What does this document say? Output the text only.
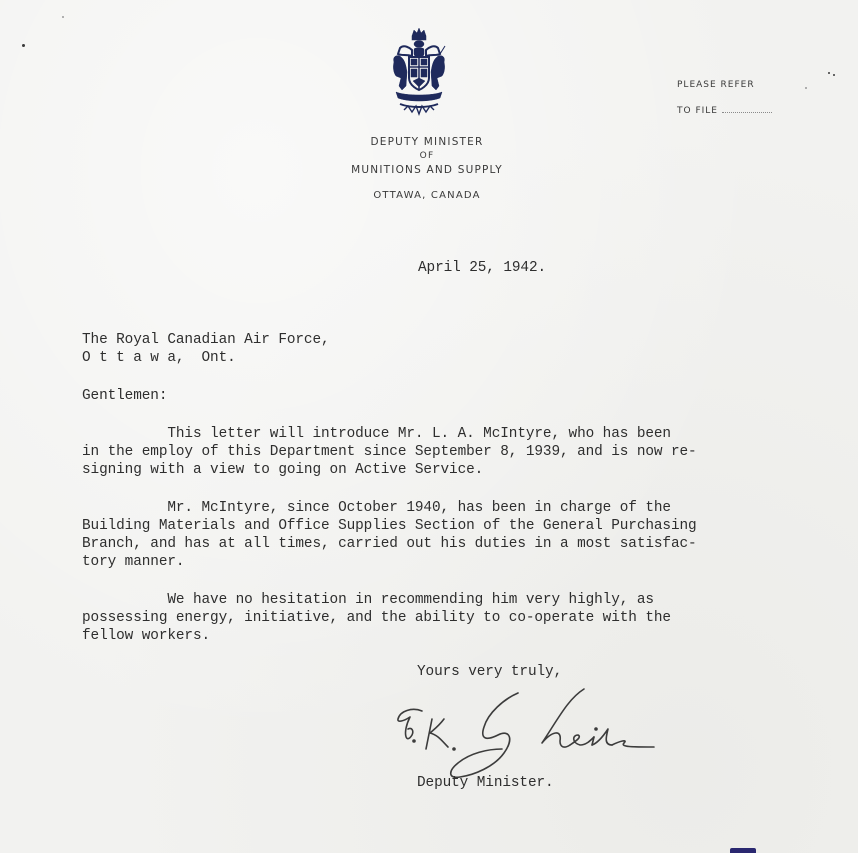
DEPUTY MINISTER
OF
MUNITIONS AND SUPPLY
OTTAWA, CANADA
PLEASE REFER
TO FILE
April 25, 1942.
The Royal Canadian Air Force,
O t t a w a,  Ont.
Gentlemen:
This letter will introduce Mr. L. A. McIntyre, who has been
in the employ of this Department since September 8, 1939, and is now re-
signing with a view to going on Active Service.
Mr. McIntyre, since October 1940, has been in charge of the
Building Materials and Office Supplies Section of the General Purchasing
Branch, and has at all times, carried out his duties in a most satisfac-
tory manner.
We have no hesitation in recommending him very highly, as
possessing energy, initiative, and the ability to co-operate with the
fellow workers.
Yours very truly,
Deputy Minister.
